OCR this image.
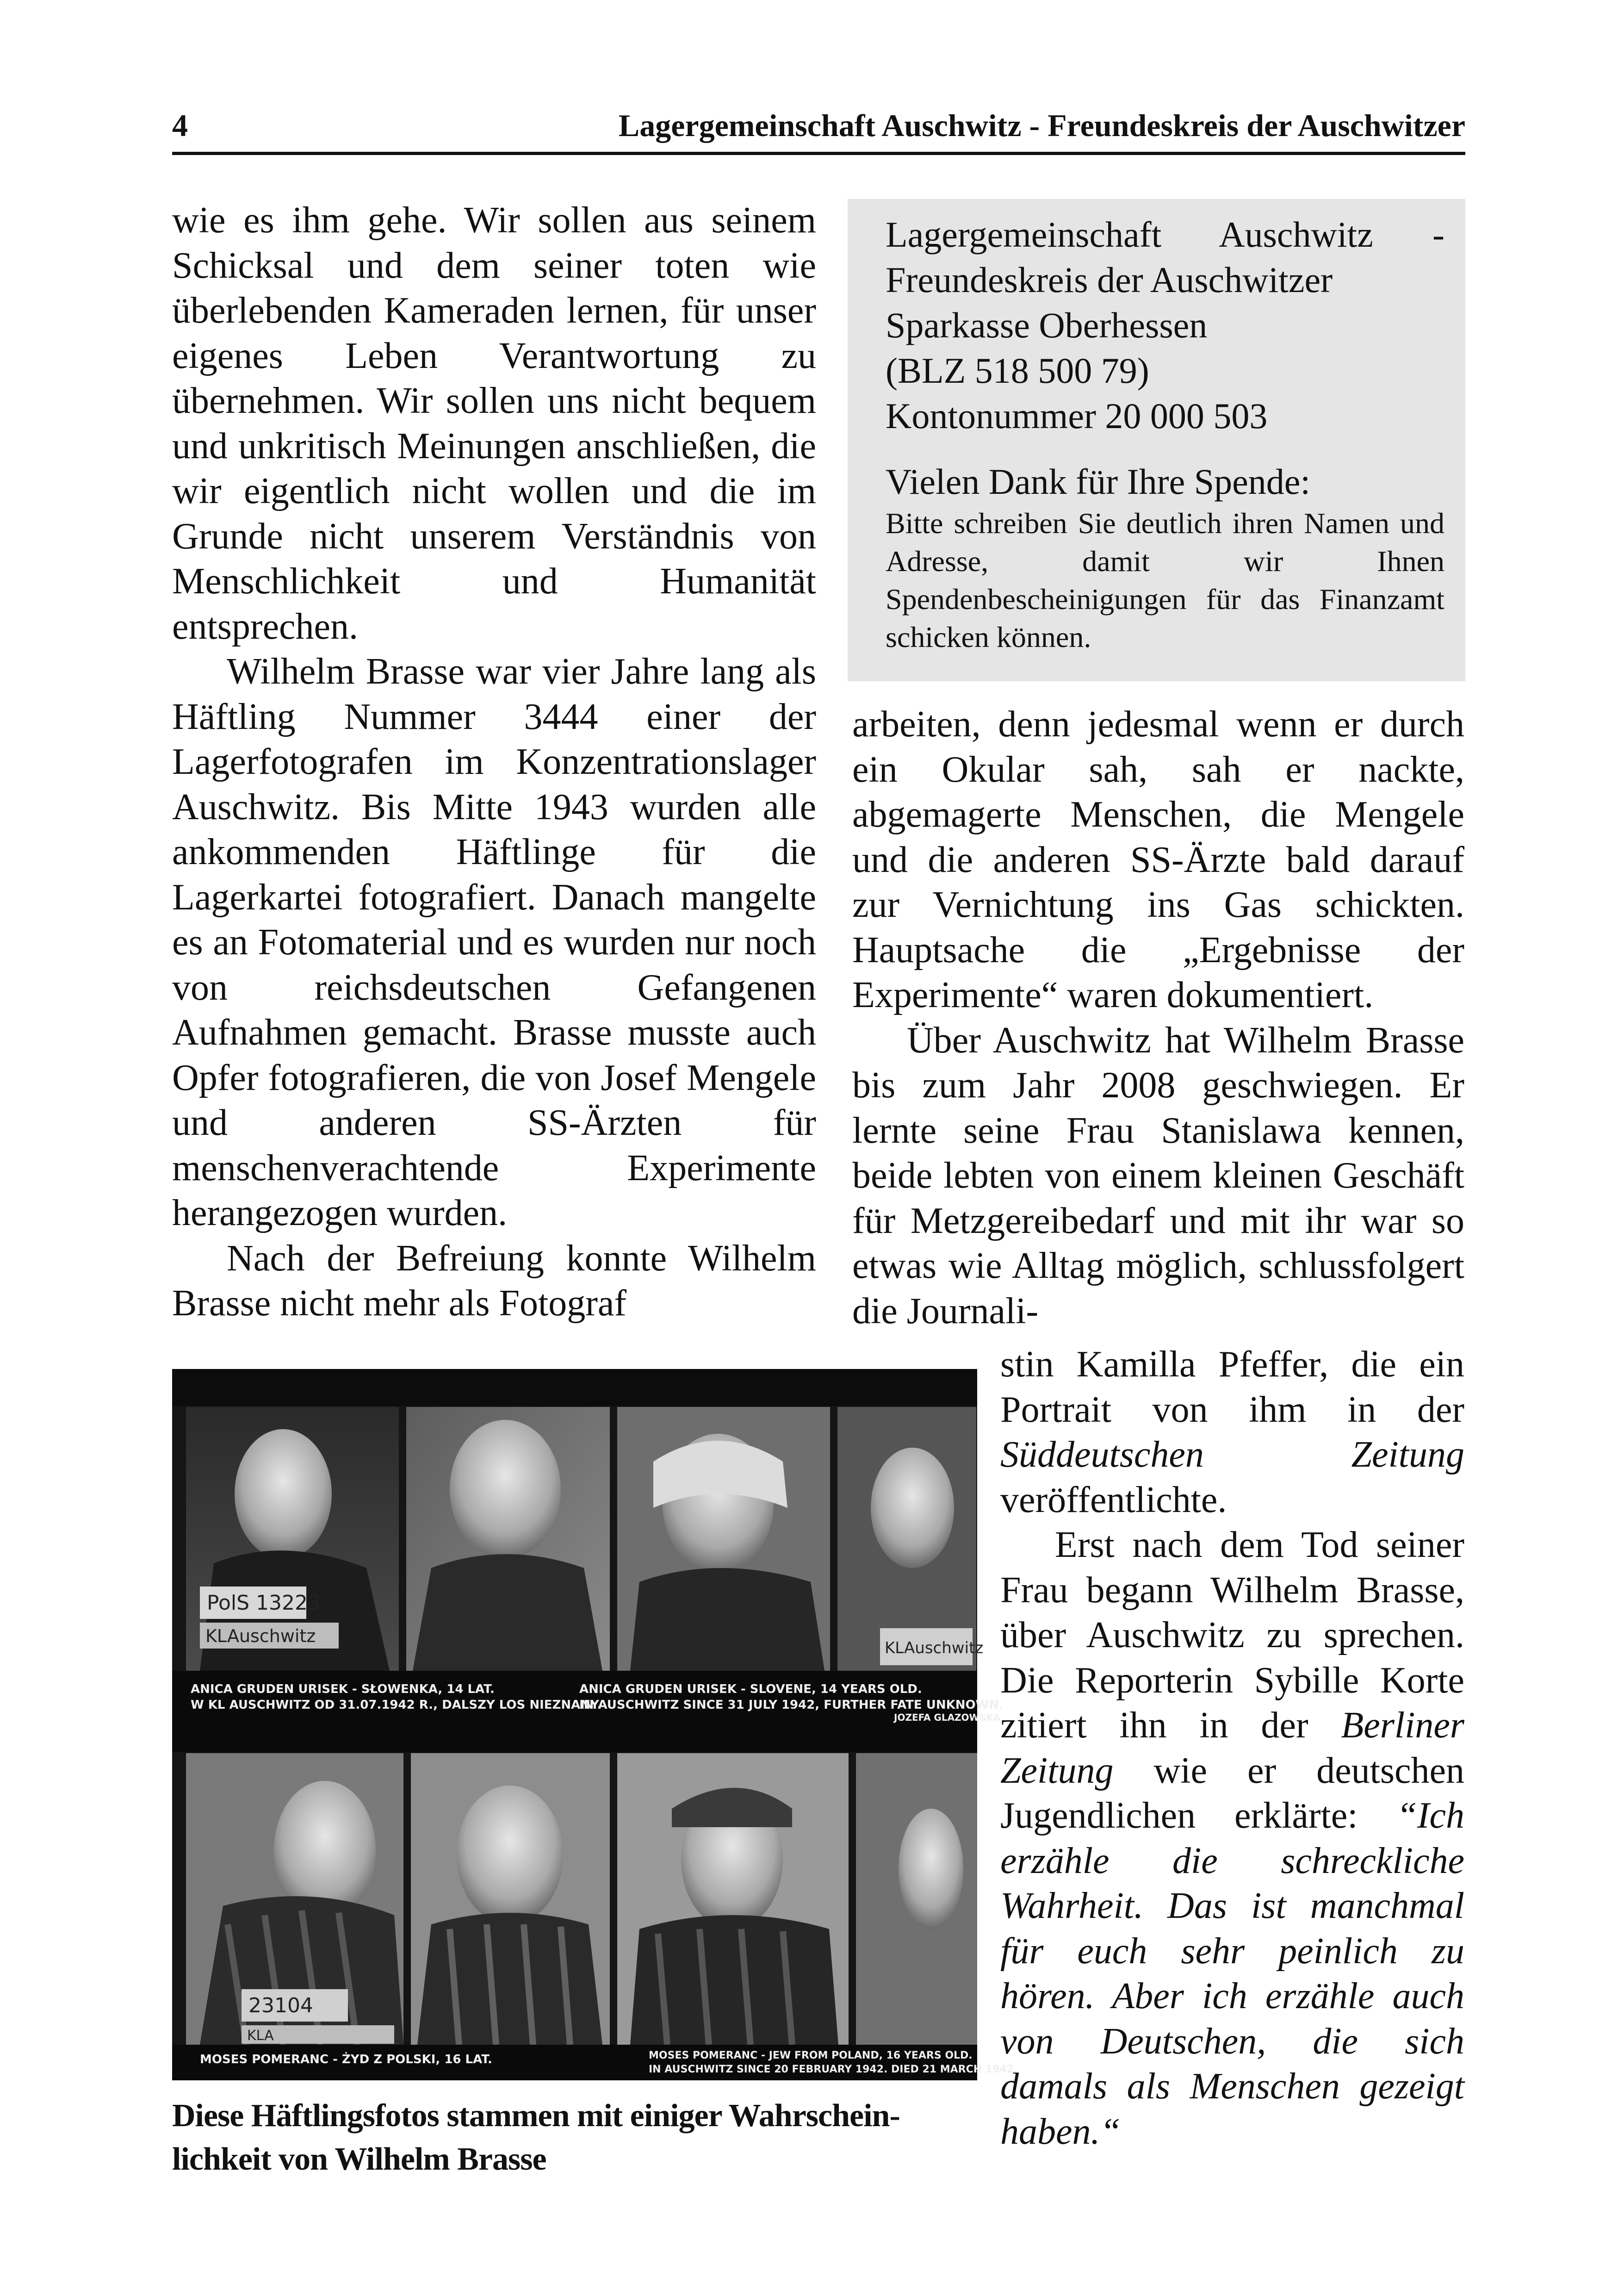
4	Lagergemeinschaft Auschwitz - Freundeskreis der Auschwitzer

wie es ihm gehe. Wir sollen aus seinem Schicksal und dem seiner toten wie überlebenden Kameraden lernen, für unser eigenes Leben Verantwortung zu übernehmen. Wir sollen uns nicht bequem und unkritisch Meinungen anschließen, die wir eigentlich nicht wollen und die im Grunde nicht unserem Verständnis von Menschlichkeit und Humanität entsprechen.

Wilhelm Brasse war vier Jahre lang als Häftling Nummer 3444 einer der Lagerfotografen im Konzentrationslager Auschwitz. Bis Mitte 1943 wurden alle ankommenden Häftlinge für die Lagerkartei fotografiert. Danach mangelte es an Fotomaterial und es wurden nur noch von reichsdeutschen Gefangenen Aufnahmen gemacht. Brasse musste auch Opfer fotografieren, die von Josef Mengele und anderen SS-Ärzten für menschenverachtende Experimente herangezogen wurden.

Nach der Befreiung konnte Wilhelm Brasse nicht mehr als Fotograf

Lagergemeinschaft Auschwitz -
Freundeskreis der Auschwitzer
Sparkasse Oberhessen
(BLZ 518 500 79)
Kontonummer 20 000 503
Vielen Dank für Ihre Spende:
Bitte schreiben Sie deutlich ihren Namen und Adresse, damit wir Ihnen Spendenbescheinigungen für das Finanzamt schicken können.

arbeiten, denn jedesmal wenn er durch ein Okular sah, sah er nackte, abgemagerte Menschen, die Mengele und die anderen SS-Ärzte bald darauf zur Vernichtung ins Gas schickten. Hauptsache die „Ergebnisse der Experimente“ waren dokumentiert.

Über Auschwitz hat Wilhelm Brasse bis zum Jahr 2008 geschwiegen. Er lernte seine Frau Stanislawa kennen, beide lebten von einem kleinen Geschäft für Metzgereibedarf und mit ihr war so etwas wie Alltag möglich, schlussfolgert die Journali-

stin Kamilla Pfeffer, die ein Portrait von ihm in der Süddeutschen Zeitung veröffentlichte.

Erst nach dem Tod seiner Frau begann Wilhelm Brasse, über Auschwitz zu sprechen. Die Reporterin Sybille Korte zitiert ihn in der Berliner Zeitung wie er deutschen Jugendlichen erklärte: “Ich erzähle die schreckliche Wahrheit. Das ist manchmal für euch sehr peinlich zu hören. Aber ich erzähle auch von Deutschen, die sich damals als Menschen gezeigt haben.“

PolS 13223
KLAuschwitz
KLAuschwitz
ANICA GRUDEN URISEK - SŁOWENKA, 14 LAT.
W KL AUSCHWITZ OD 31.07.1942 R., DALSZY LOS NIEZNANY.
ANICA GRUDEN URISEK - SLOVENE, 14 YEARS OLD.
IN AUSCHWITZ SINCE 31 JULY 1942, FURTHER FATE UNKNOWN.
JOZEFA GLAZOWSKA
23104
KLA
MOSES POMERANC - ŻYD Z POLSKI, 16 LAT.	MOSES POMERANC - JEW FROM POLAND, 16 YEARS OLD.
IN AUSCHWITZ SINCE 20 FEBRUARY 1942. DIED 21 MARCH 1942.
Diese Häftlingsfotos stammen mit einiger Wahrschein-
lichkeit von Wilhelm Brasse
